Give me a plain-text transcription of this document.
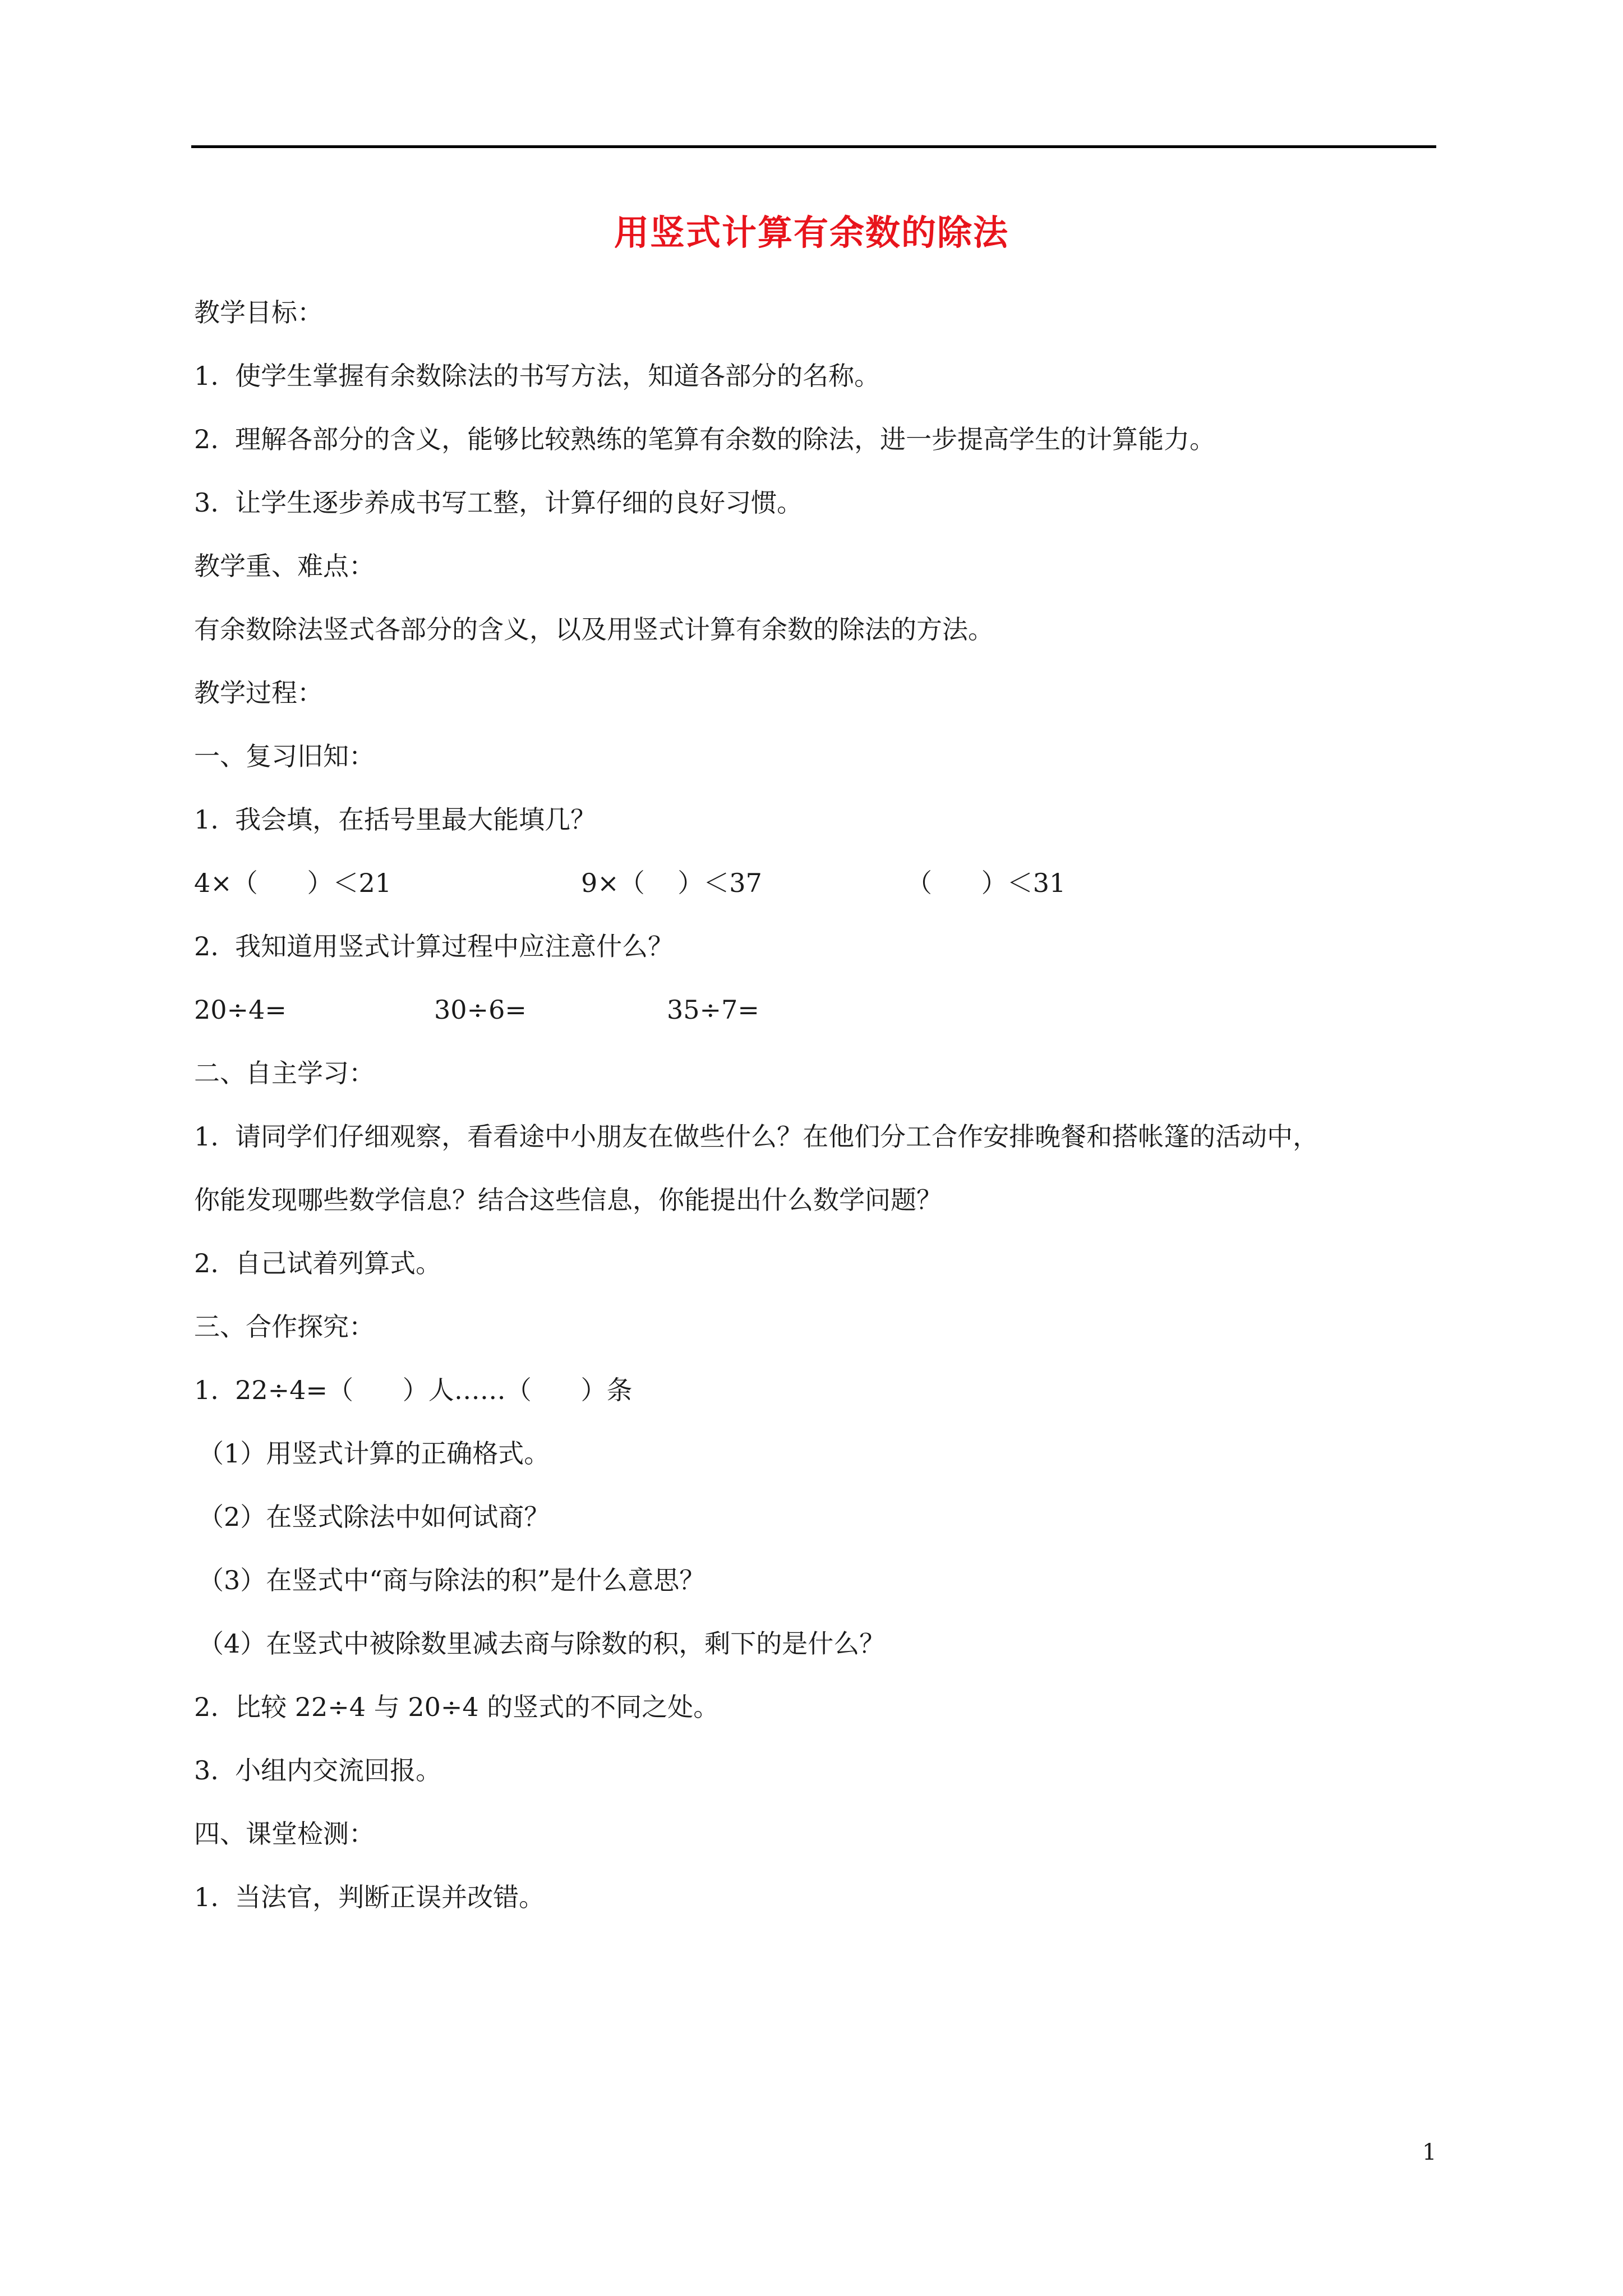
用竖式计算有余数的除法
教学目标：
1.  使学生掌握有余数除法的书写方法，知道各部分的名称。
2.  理解各部分的含义，能够比较熟练的笔算有余数的除法，进一步提高学生的计算能力。
3.  让学生逐步养成书写工整，计算仔细的良好习惯。
教学重、难点：
有余数除法竖式各部分的含义，以及用竖式计算有余数的除法的方法。
教学过程：
一、复习旧知：
1.  我会填，在括号里最大能填几？

4×（      ）＜21

	9×（    ）＜37

	（      ）＜31

2.  我知道用竖式计算过程中应注意什么？

20÷4=

	30÷6=

	35÷7=

二、自主学习：
1.  请同学们仔细观察，看看途中小朋友在做些什么？在他们分工合作安排晚餐和搭帐篷的活动中，
你能发现哪些数学信息？结合这些信息，你能提出什么数学问题？
2.  自己试着列算式。
三、合作探究：
1.  22÷4=（      ）人……（      ）条
（1）用竖式计算的正确格式。
（2）在竖式除法中如何试商？
（3）在竖式中“商与除法的积”是什么意思？
（4）在竖式中被除数里减去商与除数的积，剩下的是什么？
2.  比较 22÷4 与 20÷4 的竖式的不同之处。
3.  小组内交流回报。
四、课堂检测：
1.  当法官，判断正误并改错。
1
